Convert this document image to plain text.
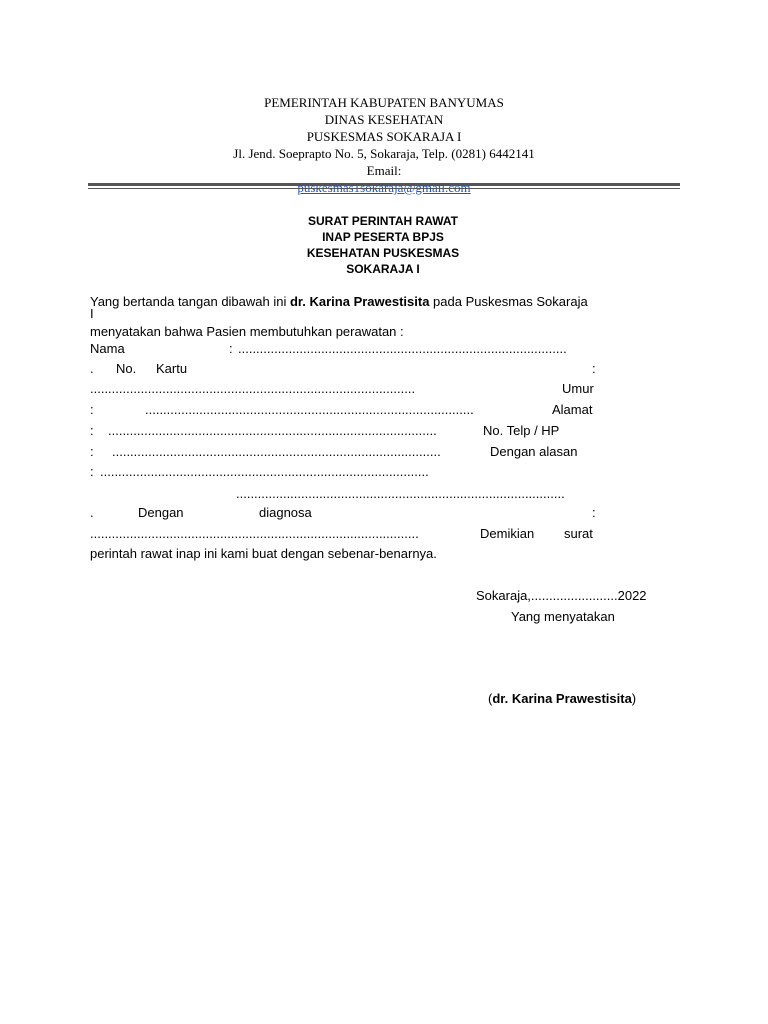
PEMERINTAH KABUPATEN BANYUMAS
DINAS KESEHATAN
PUSKESMAS SOKARAJA I
Jl. Jend. Soeprapto No. 5, Sokaraja, Telp. (0281) 6442141
Email:
puskesmas1sokaraja@gmail.com
SURAT PERINTAH RAWAT
INAP PESERTA BPJS
KESEHATAN PUSKESMAS
SOKARAJA I
Yang bertanda tangan dibawah ini dr. Karina Prawestisita pada Puskesmas Sokaraja
I
menyatakan bahwa Pasien membutuhkan perawatan :
Nama	: ...........................................................................................
. No. Kartu	:
..........................................................................................	Umur
:	...........................................................................................	Alamat
: ...........................................................................................	No. Telp / HP
: ...........................................................................................	Dengan alasan
: ...........................................................................................
...........................................................................................
.	Dengan	diagnosa	:
...........................................................................................	Demikian surat
perintah rawat inap ini kami buat dengan sebenar-benarnya.
Sokaraja,........................2022
Yang menyatakan
(dr. Karina Prawestisita)
